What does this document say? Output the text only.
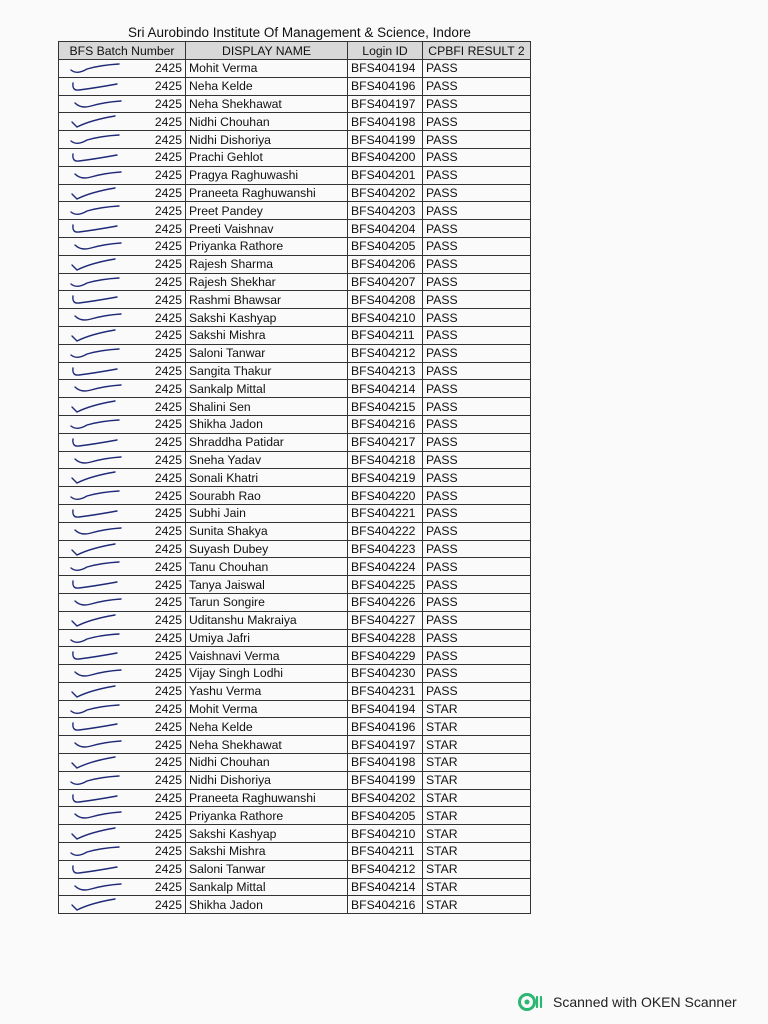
Sri Aurobindo Institute Of Management & Science, Indore
BFS Batch Number	DISPLAY NAME	Login ID	CPBFI RESULT 2

2425	Mohit Verma	BFS404194	PASS

2425	Neha Kelde	BFS404196	PASS

2425	Neha Shekhawat	BFS404197	PASS

2425	Nidhi Chouhan	BFS404198	PASS

2425	Nidhi Dishoriya	BFS404199	PASS

2425	Prachi Gehlot	BFS404200	PASS

2425	Pragya Raghuwashi	BFS404201	PASS

2425	Praneeta Raghuwanshi	BFS404202	PASS

2425	Preet Pandey	BFS404203	PASS

2425	Preeti Vaishnav	BFS404204	PASS

2425	Priyanka Rathore	BFS404205	PASS

2425	Rajesh Sharma	BFS404206	PASS

2425	Rajesh Shekhar	BFS404207	PASS

2425	Rashmi Bhawsar	BFS404208	PASS

2425	Sakshi Kashyap	BFS404210	PASS

2425	Sakshi Mishra	BFS404211	PASS

2425	Saloni Tanwar	BFS404212	PASS

2425	Sangita Thakur	BFS404213	PASS

2425	Sankalp Mittal	BFS404214	PASS

2425	Shalini Sen	BFS404215	PASS

2425	Shikha Jadon	BFS404216	PASS

2425	Shraddha Patidar	BFS404217	PASS

2425	Sneha Yadav	BFS404218	PASS

2425	Sonali Khatri	BFS404219	PASS

2425	Sourabh Rao	BFS404220	PASS

2425	Subhi Jain	BFS404221	PASS

2425	Sunita Shakya	BFS404222	PASS

2425	Suyash Dubey	BFS404223	PASS

2425	Tanu Chouhan	BFS404224	PASS

2425	Tanya Jaiswal	BFS404225	PASS

2425	Tarun Songire	BFS404226	PASS

2425	Uditanshu Makraiya	BFS404227	PASS

2425	Umiya Jafri	BFS404228	PASS

2425	Vaishnavi Verma	BFS404229	PASS

2425	Vijay Singh Lodhi	BFS404230	PASS

2425	Yashu Verma	BFS404231	PASS

2425	Mohit Verma	BFS404194	STAR

2425	Neha Kelde	BFS404196	STAR

2425	Neha Shekhawat	BFS404197	STAR

2425	Nidhi Chouhan	BFS404198	STAR

2425	Nidhi Dishoriya	BFS404199	STAR

2425	Praneeta Raghuwanshi	BFS404202	STAR

2425	Priyanka Rathore	BFS404205	STAR

2425	Sakshi Kashyap	BFS404210	STAR

2425	Sakshi Mishra	BFS404211	STAR

2425	Saloni Tanwar	BFS404212	STAR

2425	Sankalp Mittal	BFS404214	STAR

2425	Shikha Jadon	BFS404216	STAR
Scanned with OKEN Scanner
